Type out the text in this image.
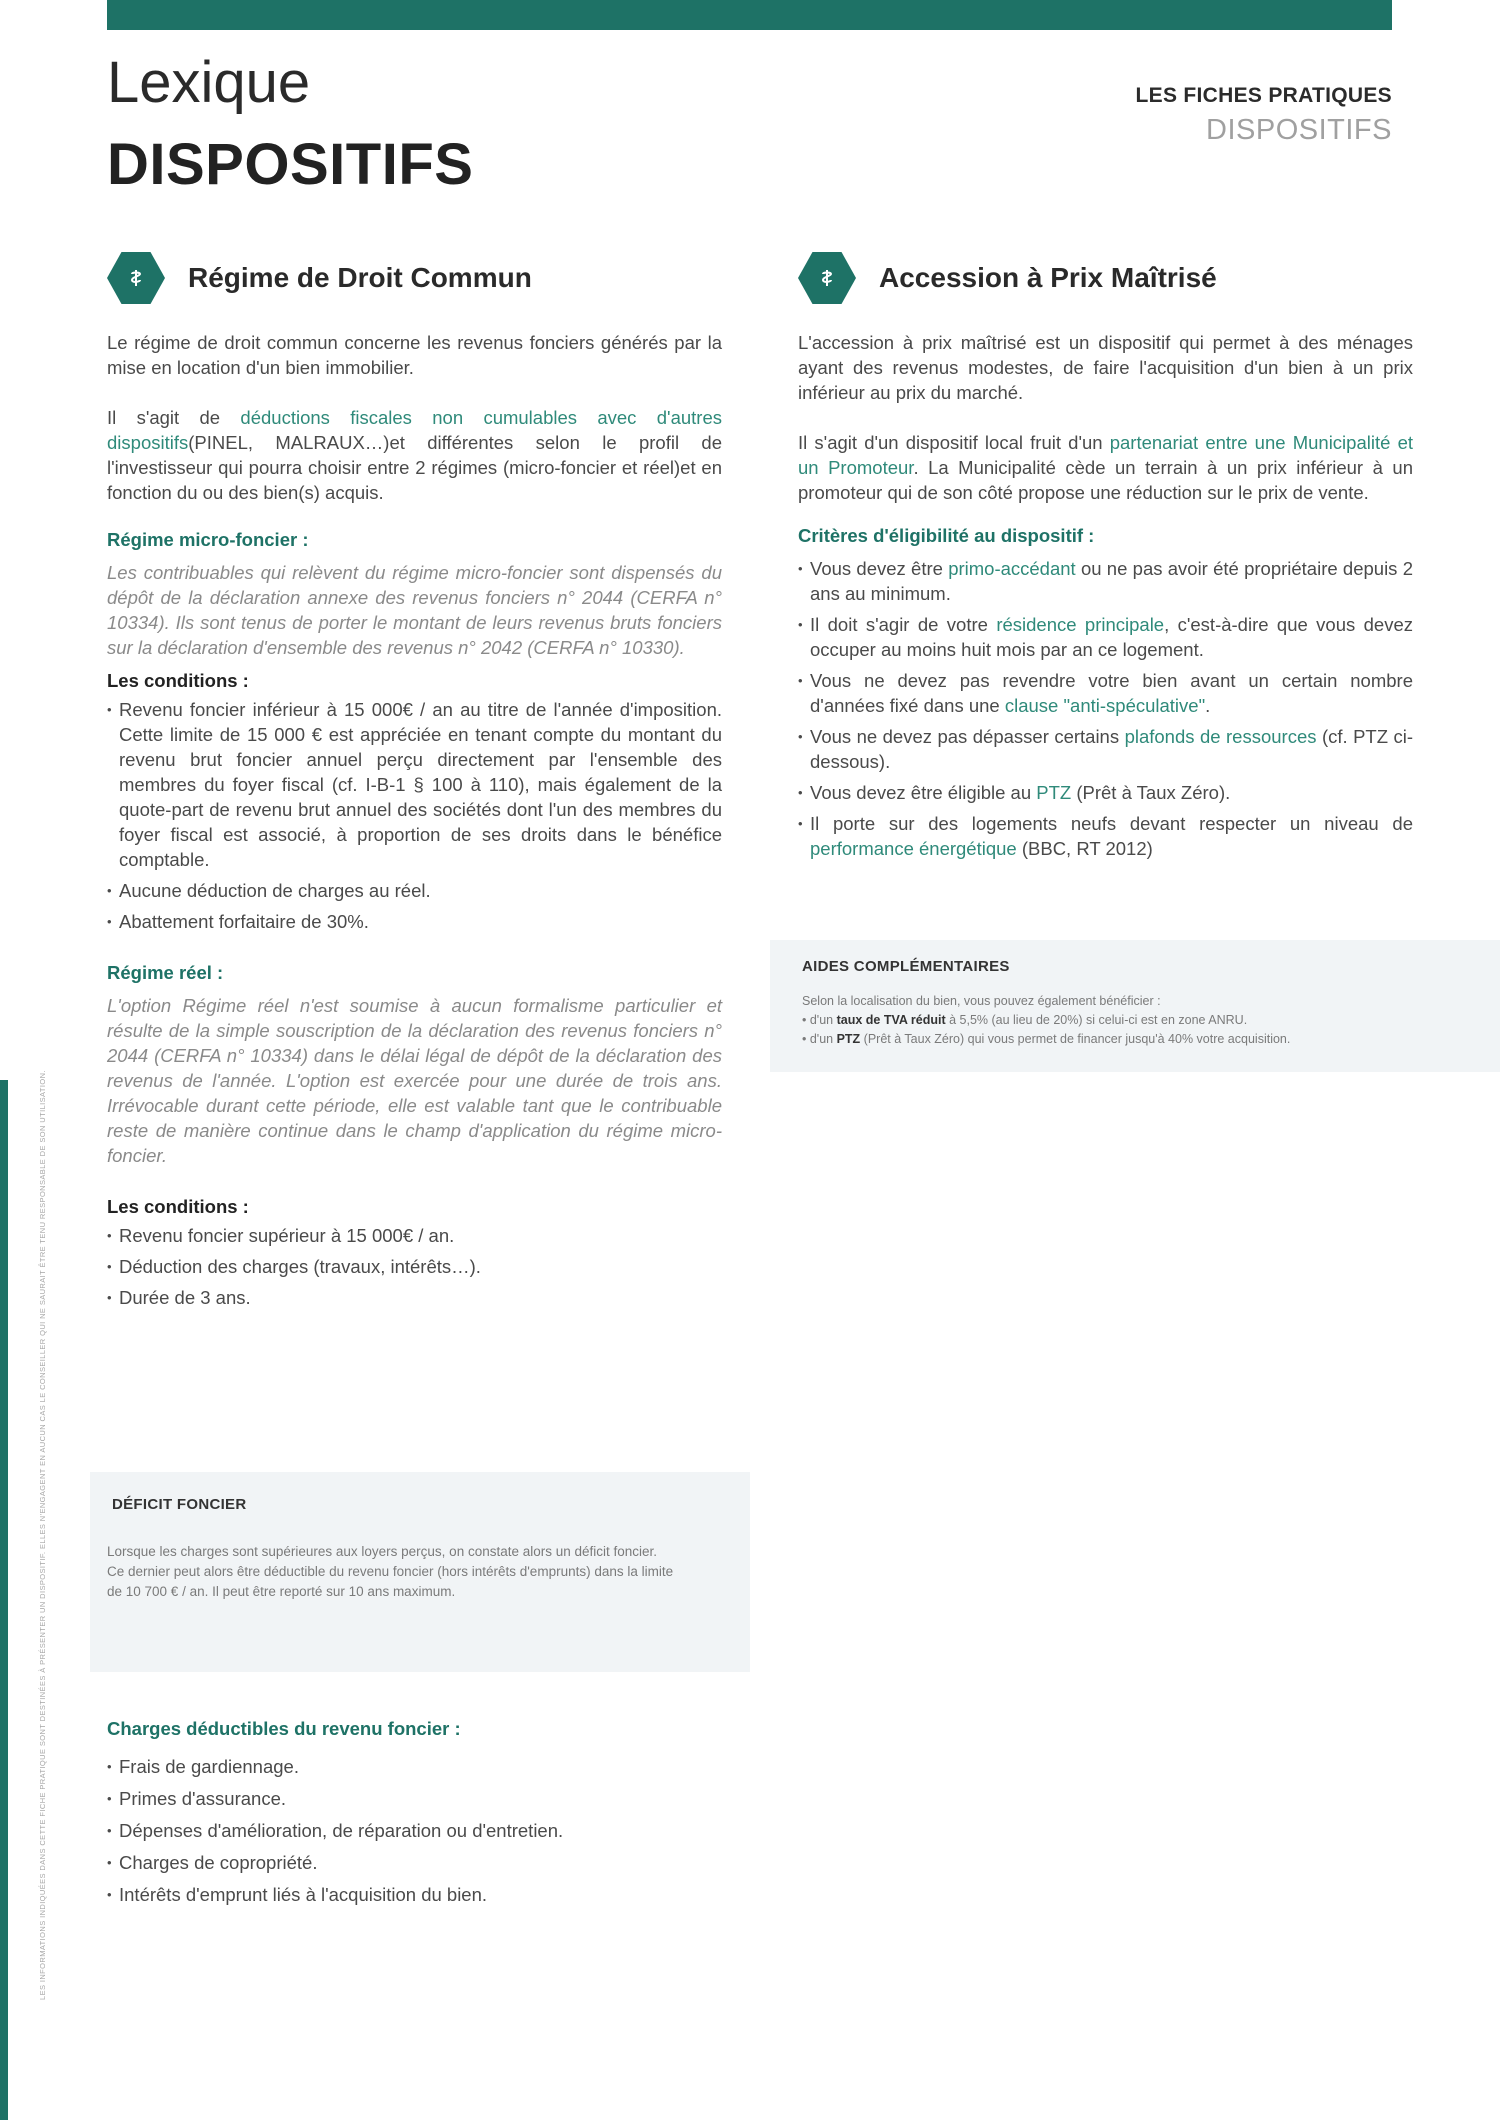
LES INFORMATIONS INDIQUÉES DANS CETTE FICHE PRATIQUE SONT DESTINÉES À PRÉSENTER UN DISPOSITIF. ELLES N'ENGAGENT EN AUCUN CAS LE CONSEILLER QUI NE SAURAIT ÊTRE TENU RESPONSABLE DE SON UTILISATION.
Lexique
DISPOSITIFS
LES FICHES PRATIQUES
DISPOSITIFS
Régime de Droit Commun	Accession à Prix Maîtrisé

Le régime de droit commun concerne les revenus fonciers générés par la mise en location d'un bien immobilier.

Il s'agit de déductions fiscales non cumulables avec d'autres dispositifs(PINEL, MALRAUX…)et différentes selon le profil de l'investisseur qui pourra choisir entre 2 régimes (micro-foncier et réel)et en fonction du ou des bien(s) acquis.

Régime micro-foncier :

Les contribuables qui relèvent du régime micro-foncier sont dispensés du dépôt de la déclaration annexe des revenus fonciers n° 2044 (CERFA n° 10334). Ils sont tenus de porter le montant de leurs revenus bruts fonciers sur la déclaration d'ensemble des revenus n° 2042 (CERFA n° 10330).

Les conditions :
• Revenu foncier inférieur à 15 000€ / an au titre de l'année d'imposition. Cette limite de 15 000 € est appréciée en tenant compte du montant du revenu brut foncier annuel perçu directement par l'ensemble des membres du foyer fiscal (cf. I-B-1 § 100 à 110), mais également de la quote-part de revenu brut annuel des sociétés dont l'un des membres du foyer fiscal est associé, à proportion de ses droits dans le bénéfice comptable.
• Aucune déduction de charges au réel.
• Abattement forfaitaire de 30%.
Régime réel :

L'option Régime réel n'est soumise à aucun formalisme particulier et résulte de la simple souscription de la déclaration des revenus fonciers n° 2044 (CERFA n° 10334) dans le délai légal de dépôt de la déclaration des revenus de l'année. L'option est exercée pour une durée de trois ans. Irrévocable durant cette période, elle est valable tant que le contribuable reste de manière continue dans le champ d'application du régime micro-foncier.

Les conditions :
• Revenu foncier supérieur à 15 000€ / an.
• Déduction des charges (travaux, intérêts…).
• Durée de 3 ans.
DÉFICIT FONCIER
Lorsque les charges sont supérieures aux loyers perçus, on constate alors un déficit foncier. Ce dernier peut alors être déductible du revenu foncier (hors intérêts d'emprunts) dans la limite de 10 700 € / an. Il peut être reporté sur 10 ans maximum.
Charges déductibles du revenu foncier :
• Frais de gardiennage.
• Primes d'assurance.
• Dépenses d'amélioration, de réparation ou d'entretien.
• Charges de copropriété.
• Intérêts d'emprunt liés à l'acquisition du bien.

L'accession à prix maîtrisé est un dispositif qui permet à des ménages ayant des revenus modestes, de faire l'acquisition d'un bien à un prix inférieur au prix du marché.

Il s'agit d'un dispositif local fruit d'un partenariat entre une Municipalité et un Promoteur. La Municipalité cède un terrain à un prix inférieur à un promoteur qui de son côté propose une réduction sur le prix de vente.

Critères d'éligibilité au dispositif :
• Vous devez être primo-accédant ou ne pas avoir été propriétaire depuis 2 ans au minimum.
• Il doit s'agir de votre résidence principale, c'est-à-dire que vous devez occuper au moins huit mois par an ce logement.
• Vous ne devez pas revendre votre bien avant un certain nombre d'années fixé dans une clause "anti-spéculative".
• Vous ne devez pas dépasser certains plafonds de ressources (cf. PTZ ci-dessous).
• Vous devez être éligible au PTZ (Prêt à Taux Zéro).
• Il porte sur des logements neufs devant respecter un niveau de performance énergétique (BBC, RT 2012)
AIDES COMPLÉMENTAIRES
Selon la localisation du bien, vous pouvez également bénéficier :
• d'un taux de TVA réduit à 5,5% (au lieu de 20%) si celui-ci est en zone ANRU.
• d'un PTZ (Prêt à Taux Zéro) qui vous permet de financer jusqu'à 40% votre acquisition.
